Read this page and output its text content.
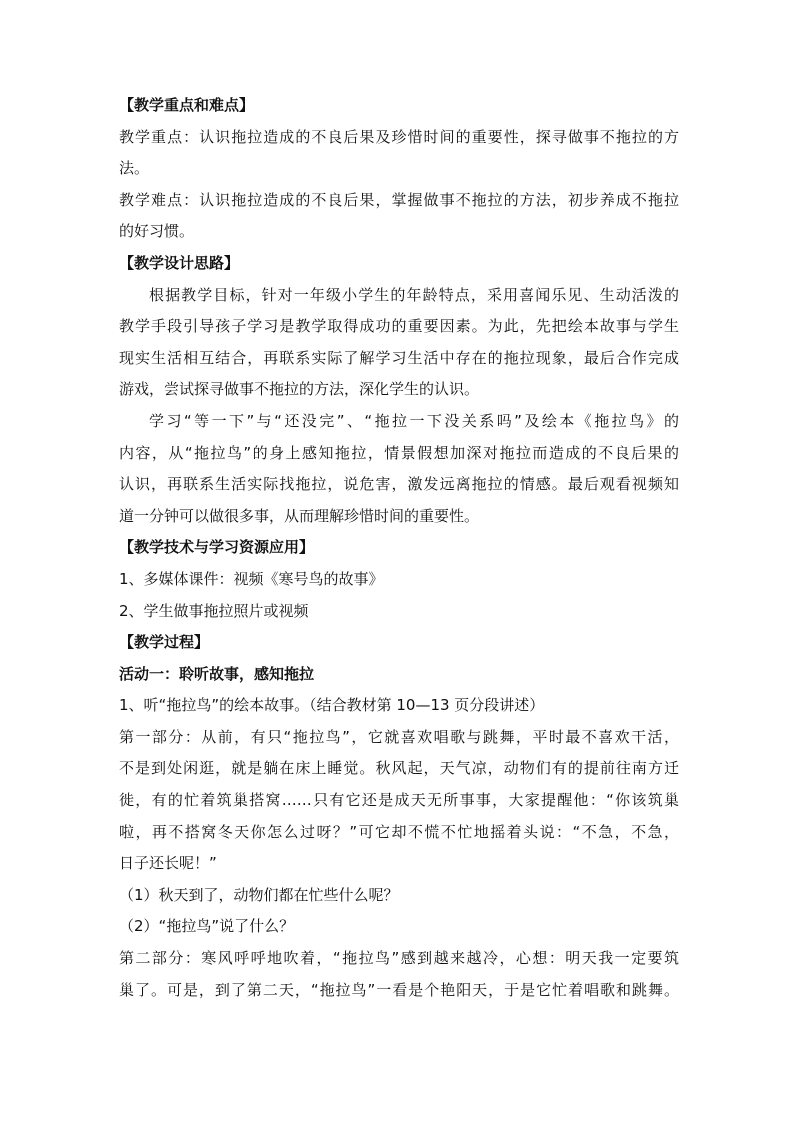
【教学重点和难点】
教学重点：认识拖拉造成的不良后果及珍惜时间的重要性，探寻做事不拖拉的方
法。
教学难点：认识拖拉造成的不良后果，掌握做事不拖拉的方法，初步养成不拖拉
的好习惯。
【教学设计思路】
根据教学目标，针对一年级小学生的年龄特点，采用喜闻乐见、生动活泼的
教学手段引导孩子学习是教学取得成功的重要因素。为此，先把绘本故事与学生
现实生活相互结合，再联系实际了解学习生活中存在的拖拉现象，最后合作完成
游戏，尝试探寻做事不拖拉的方法，深化学生的认识。
学习“等一下”与“还没完”、“拖拉一下没关系吗”及绘本《拖拉鸟》的
内容，从“拖拉鸟”的身上感知拖拉，情景假想加深对拖拉而造成的不良后果的
认识，再联系生活实际找拖拉，说危害，激发远离拖拉的情感。最后观看视频知
道一分钟可以做很多事，从而理解珍惜时间的重要性。
【教学技术与学习资源应用】
1、多媒体课件：视频《寒号鸟的故事》
2、学生做事拖拉照片或视频
【教学过程】
活动一：聆听故事，感知拖拉
1、听“拖拉鸟”的绘本故事。（结合教材第 10—13 页分段讲述）
第一部分：从前，有只“拖拉鸟”，它就喜欢唱歌与跳舞，平时最不喜欢干活，
不是到处闲逛，就是躺在床上睡觉。秋风起，天气凉，动物们有的提前往南方迁
徙，有的忙着筑巢搭窝……只有它还是成天无所事事，大家提醒他：“你该筑巢
啦，再不搭窝冬天你怎么过呀？”可它却不慌不忙地摇着头说：“不急，不急，
日子还长呢！”
（1）秋天到了，动物们都在忙些什么呢？
（2）“拖拉鸟”说了什么？
第二部分：寒风呼呼地吹着，“拖拉鸟”感到越来越冷，心想：明天我一定要筑
巢了。可是，到了第二天，“拖拉鸟”一看是个艳阳天，于是它忙着唱歌和跳舞。
